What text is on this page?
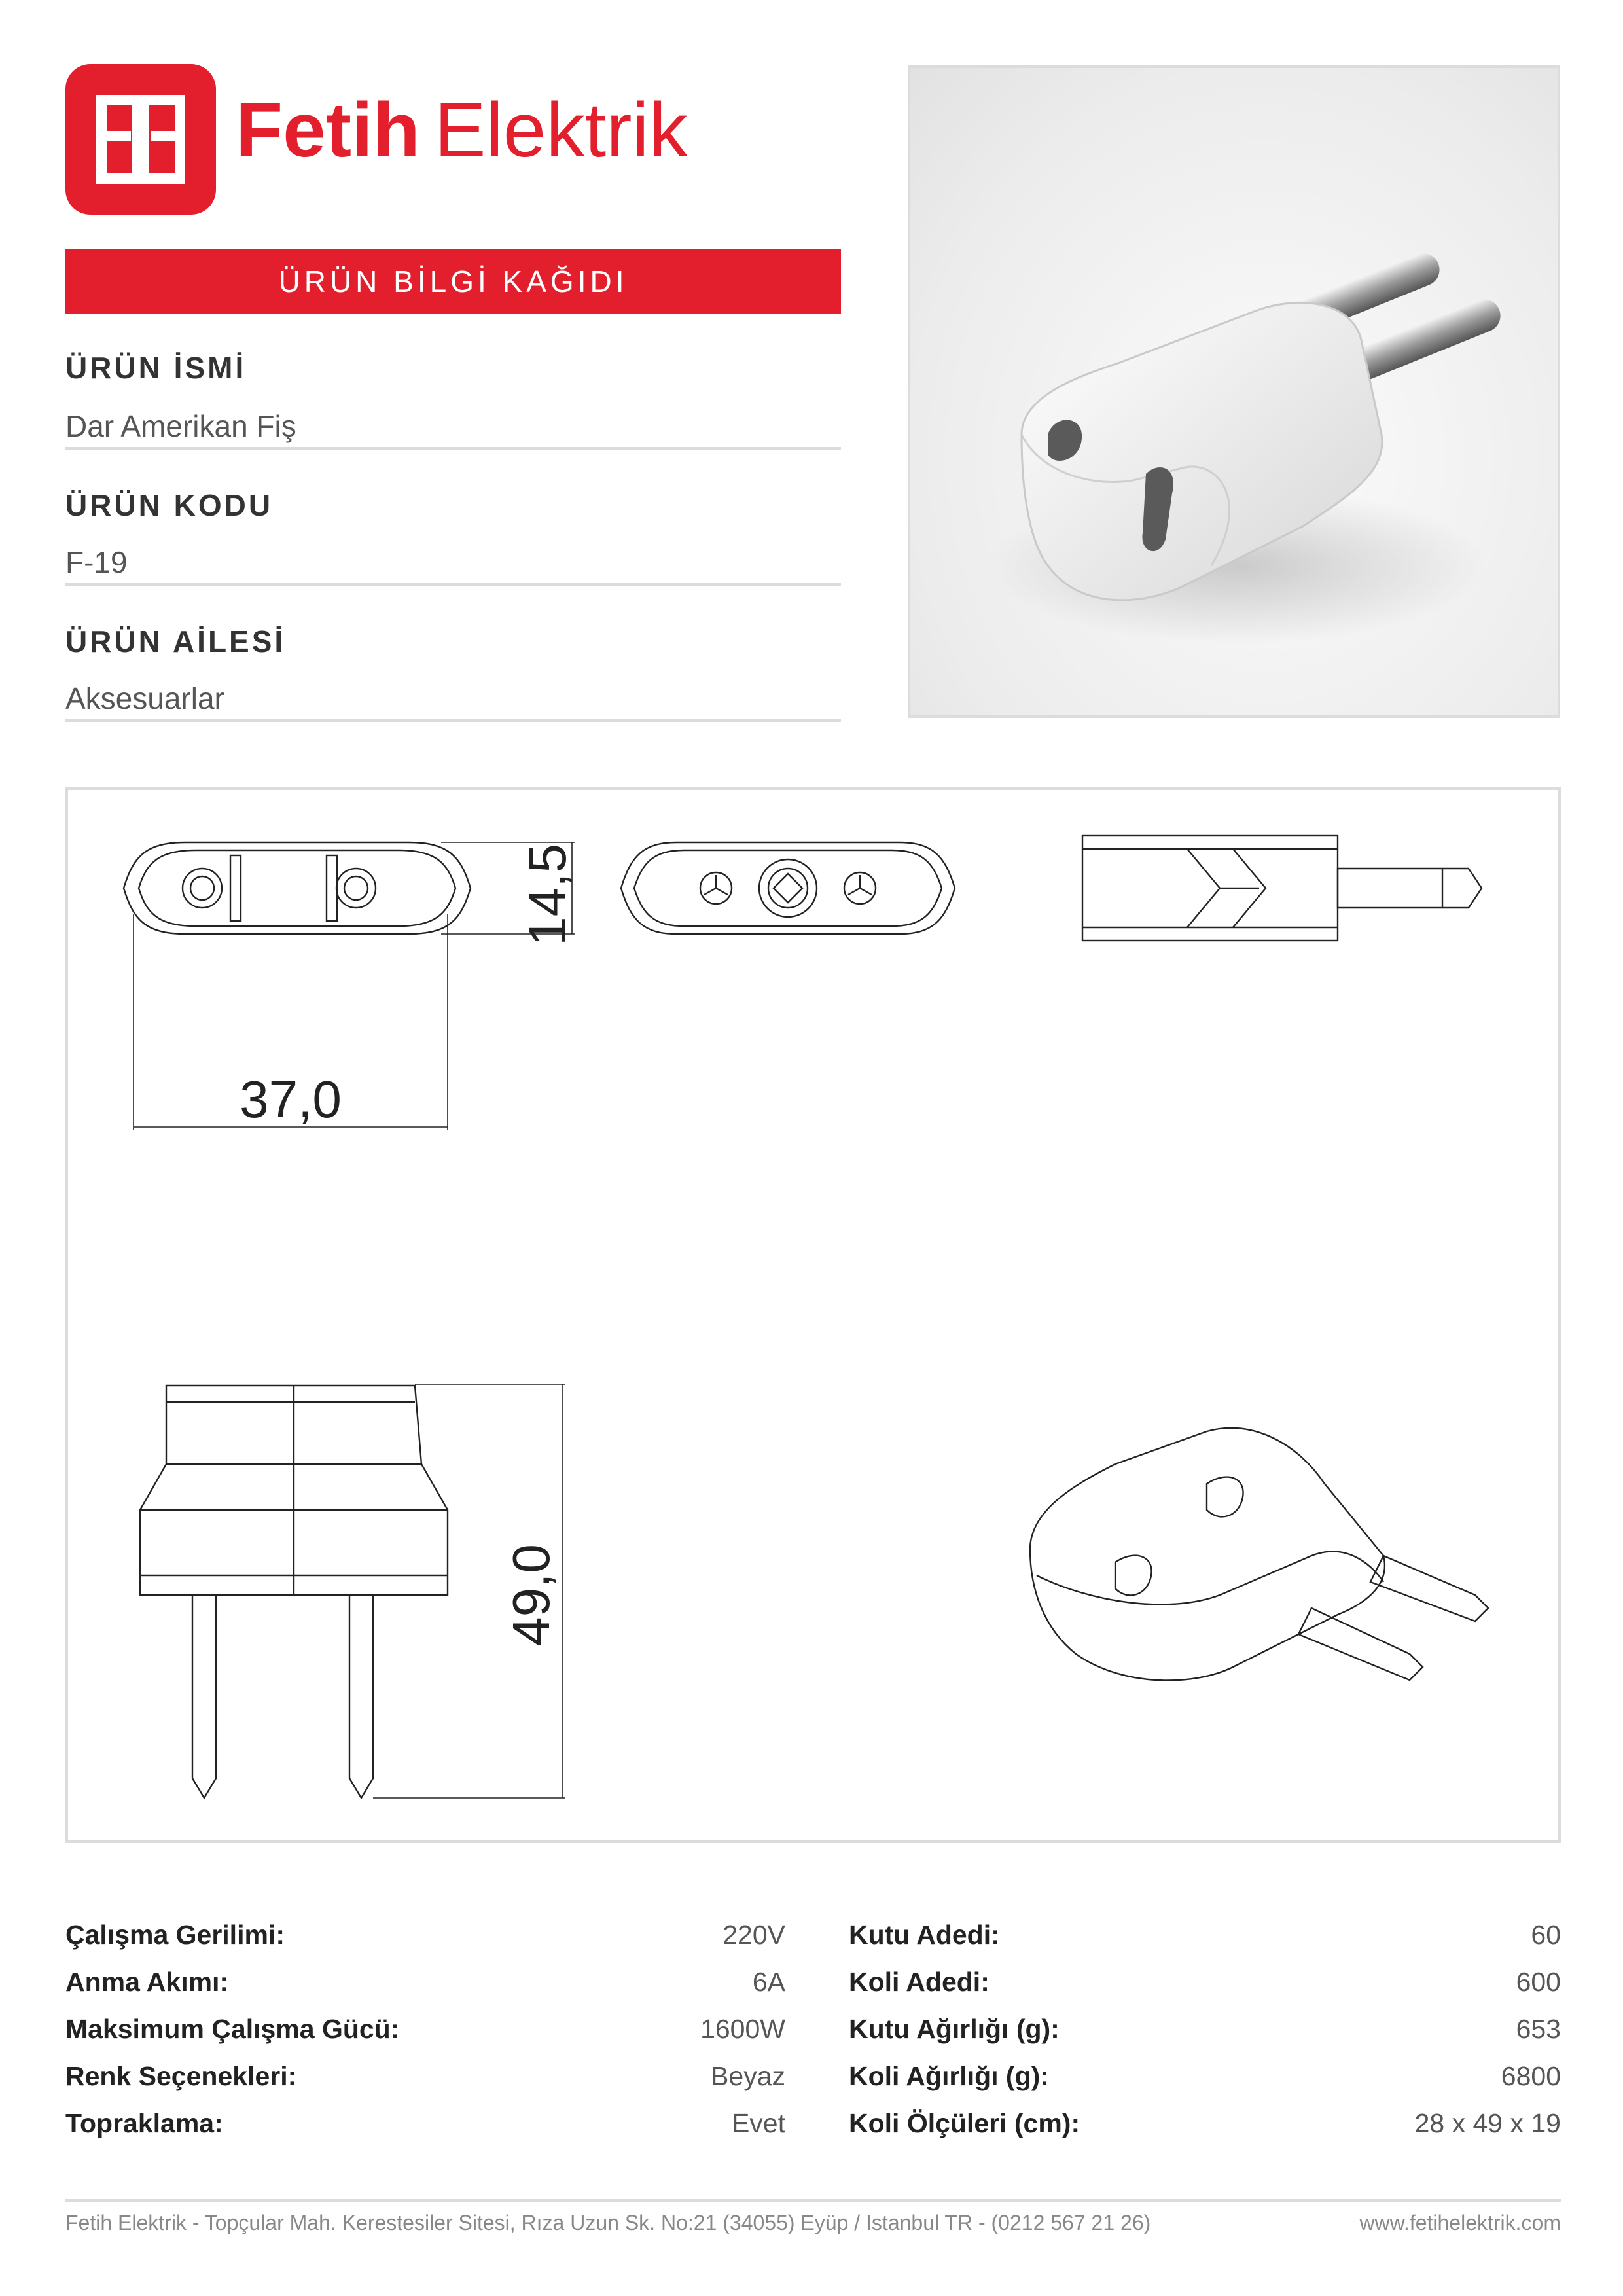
Fetih Elektrik
ÜRÜN BİLGİ KAĞIDI
ÜRÜN İSMİ
Dar Amerikan Fiş
ÜRÜN KODU
F-19
ÜRÜN AİLESİ
Aksesuarlar
37,0
14,5
49,0
Çalışma Gerilimi:	220V
Anma Akımı:	6A
Maksimum Çalışma Gücü:	1600W
Renk Seçenekleri:	Beyaz
Topraklama:	Evet
Kutu Adedi:	60
Koli Adedi:	600
Kutu Ağırlığı (g):	653
Koli Ağırlığı (g):	6800
Koli Ölçüleri (cm):	28 x 49 x 19
Fetih Elektrik - Topçular Mah. Kerestesiler Sitesi, Rıza Uzun Sk. No:21 (34055) Eyüp / Istanbul TR - (0212 567 21 26)	www.fetihelektrik.com
